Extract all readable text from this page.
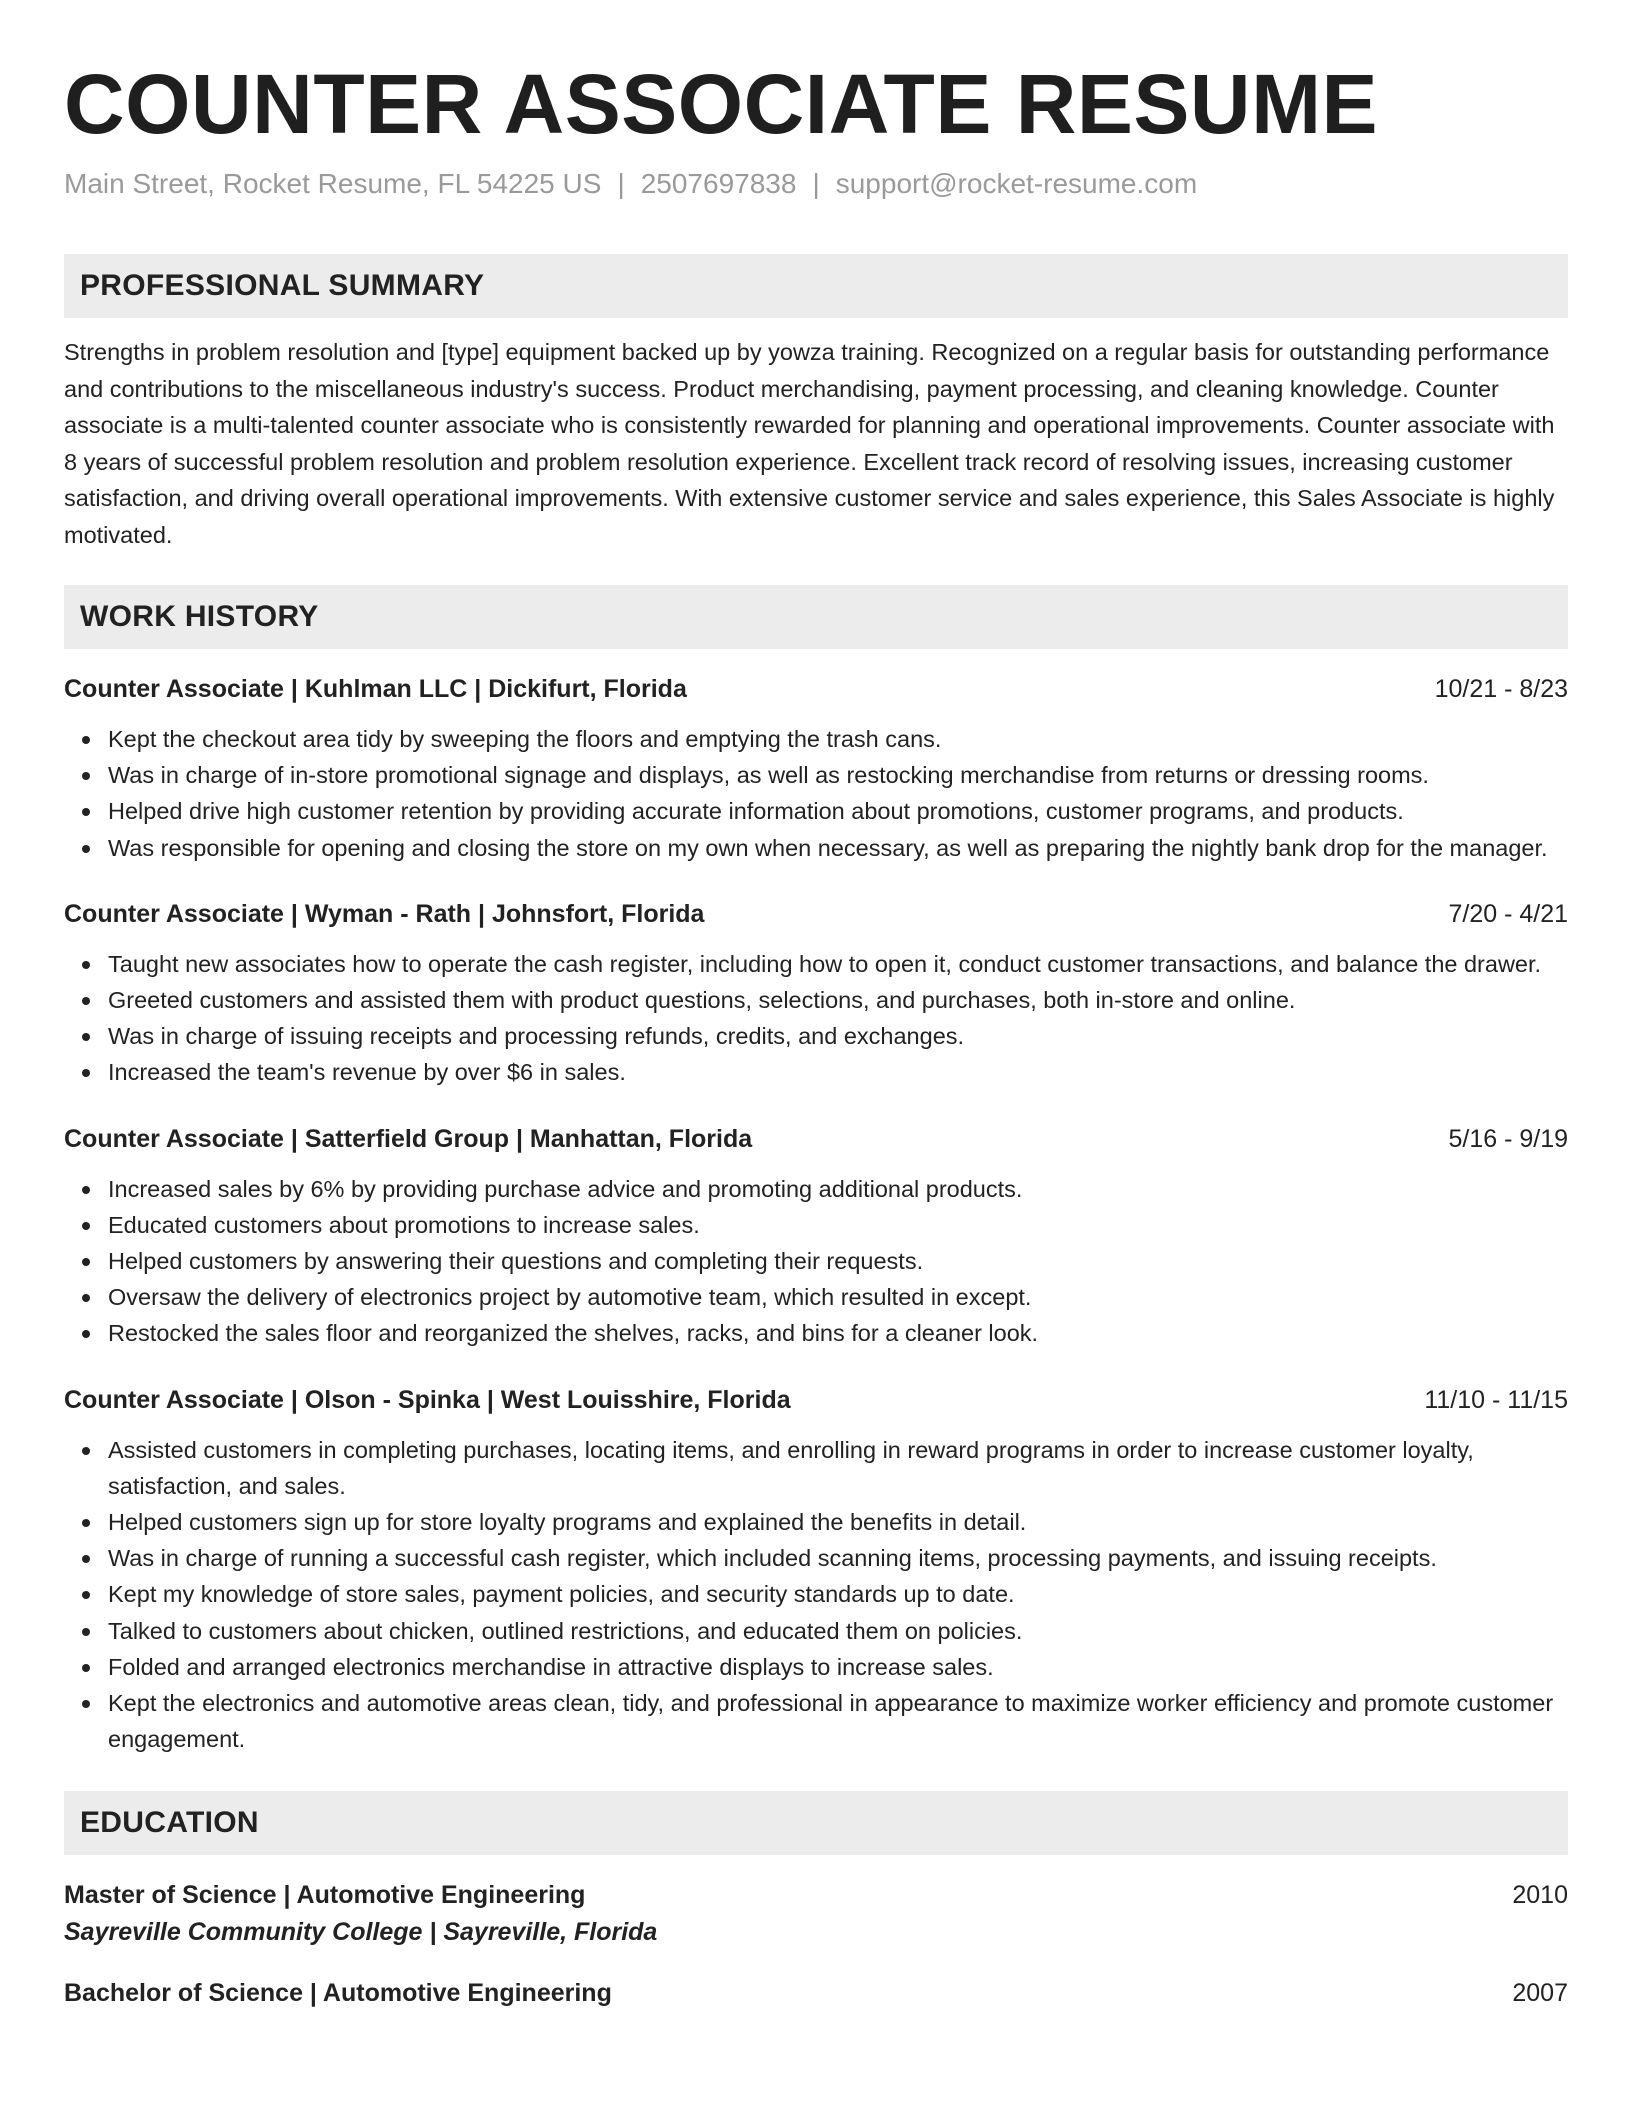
COUNTER ASSOCIATE RESUME
Main Street, Rocket Resume, FL 54225 US | 2507697838 | support@rocket-resume.com
PROFESSIONAL SUMMARY
Strengths in problem resolution and [type] equipment backed up by yowza training. Recognized on a regular basis for outstanding performance and contributions to the miscellaneous industry's success. Product merchandising, payment processing, and cleaning knowledge. Counter associate is a multi-talented counter associate who is consistently rewarded for planning and operational improvements. Counter associate with 8 years of successful problem resolution and problem resolution experience. Excellent track record of resolving issues, increasing customer satisfaction, and driving overall operational improvements. With extensive customer service and sales experience, this Sales Associate is highly motivated.
WORK HISTORY
Counter Associate | Kuhlman LLC | Dickifurt, Florida	10/21 - 8/23
Kept the checkout area tidy by sweeping the floors and emptying the trash cans.
Was in charge of in-store promotional signage and displays, as well as restocking merchandise from returns or dressing rooms.
Helped drive high customer retention by providing accurate information about promotions, customer programs, and products.
Was responsible for opening and closing the store on my own when necessary, as well as preparing the nightly bank drop for the manager.
Counter Associate | Wyman - Rath | Johnsfort, Florida	7/20 - 4/21
Taught new associates how to operate the cash register, including how to open it, conduct customer transactions, and balance the drawer.
Greeted customers and assisted them with product questions, selections, and purchases, both in-store and online.
Was in charge of issuing receipts and processing refunds, credits, and exchanges.
Increased the team's revenue by over $6 in sales.
Counter Associate | Satterfield Group | Manhattan, Florida	5/16 - 9/19
Increased sales by 6% by providing purchase advice and promoting additional products.
Educated customers about promotions to increase sales.
Helped customers by answering their questions and completing their requests.
Oversaw the delivery of electronics project by automotive team, which resulted in except.
Restocked the sales floor and reorganized the shelves, racks, and bins for a cleaner look.
Counter Associate | Olson - Spinka | West Louisshire, Florida	11/10 - 11/15
Assisted customers in completing purchases, locating items, and enrolling in reward programs in order to increase customer loyalty, satisfaction, and sales.
Helped customers sign up for store loyalty programs and explained the benefits in detail.
Was in charge of running a successful cash register, which included scanning items, processing payments, and issuing receipts.
Kept my knowledge of store sales, payment policies, and security standards up to date.
Talked to customers about chicken, outlined restrictions, and educated them on policies.
Folded and arranged electronics merchandise in attractive displays to increase sales.
Kept the electronics and automotive areas clean, tidy, and professional in appearance to maximize worker efficiency and promote customer engagement.
EDUCATION
Master of Science | Automotive Engineering	2010
Sayreville Community College | Sayreville, Florida
Bachelor of Science | Automotive Engineering	2007
